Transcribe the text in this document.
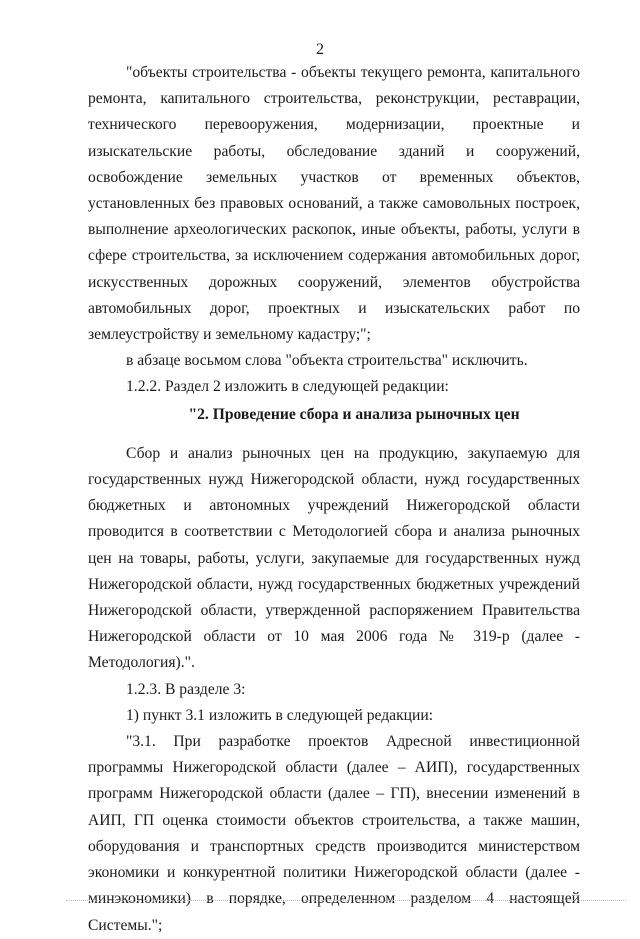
2

"объекты строительства - объекты текущего ремонта, капитального ремонта, капитального строительства, реконструкции, реставрации, технического перевооружения, модернизации, проектные и изыскательские работы, обследование зданий и сооружений, освобождение земельных участков от временных объектов, установленных без правовых оснований, а также самовольных построек, выполнение археологических раскопок, иные объекты, работы, услуги в сфере строительства, за исключением содержания автомобильных дорог, искусственных дорожных сооружений, элементов обустройства автомобильных дорог, проектных и изыскательских работ по землеустройству и земельному кадастру;";

в абзаце восьмом слова "объекта строительства" исключить.

1.2.2. Раздел 2 изложить в следующей редакции:

"2. Проведение сбора и анализа рыночных цен

Сбор и анализ рыночных цен на продукцию, закупаемую для государственных нужд Нижегородской области, нужд государственных бюджетных и автономных учреждений Нижегородской области проводится в соответствии с Методологией сбора и анализа рыночных цен на товары, работы, услуги, закупаемые для государственных нужд Нижегородской области, нужд государственных бюджетных учреждений Нижегородской области, утвержденной распоряжением Правительства Нижегородской области от 10 мая 2006 года № 319-р (далее - Методология).".

1.2.3. В разделе 3:

1) пункт 3.1 изложить в следующей редакции:

"3.1. При разработке проектов Адресной инвестиционной программы Нижегородской области (далее – АИП), государственных программ Нижегородской области (далее – ГП), внесении изменений в АИП, ГП оценка стоимости объектов строительства, а также машин, оборудования и транспортных средств производится министерством экономики и конкурентной политики Нижегородской области (далее - минэкономики) в порядке, определенном разделом 4 настоящей Системы.";
